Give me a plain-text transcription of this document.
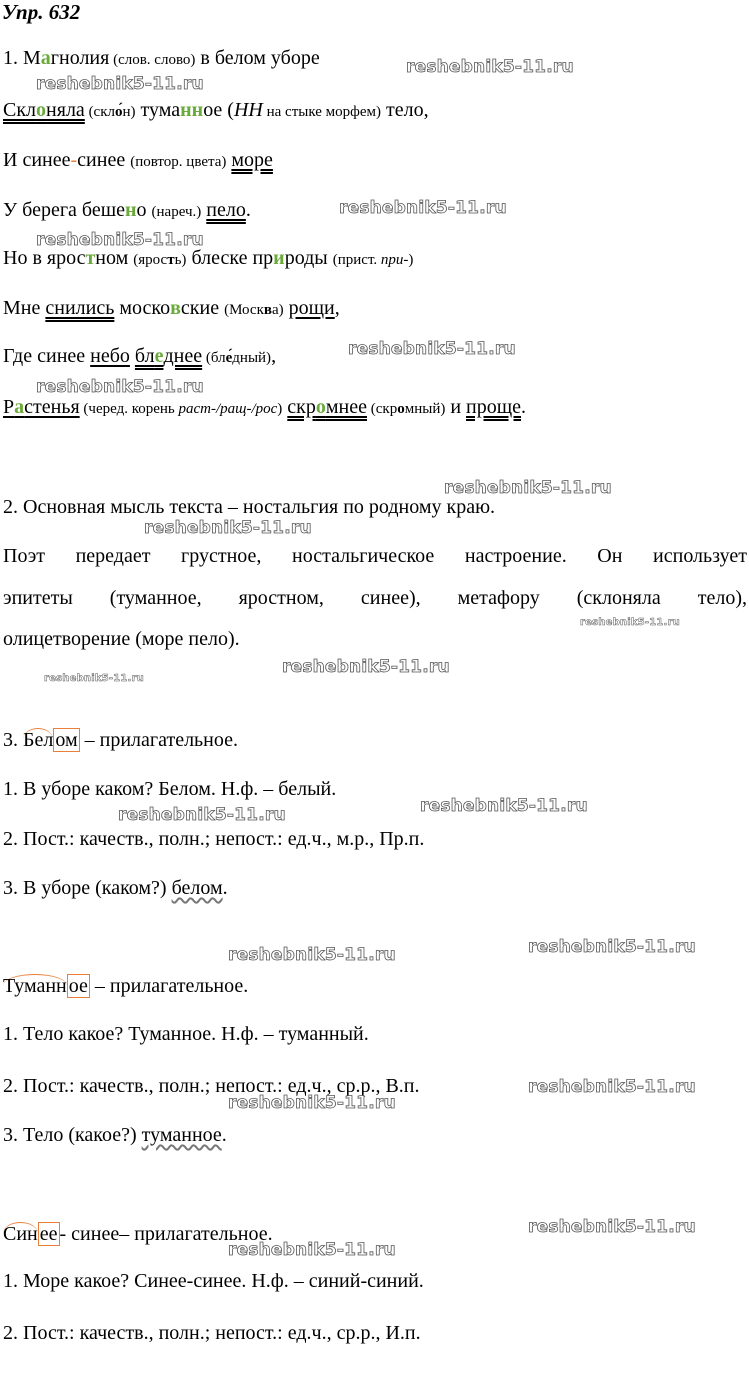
Упр. 632
1. Магнолия (слов. слово) в белом уборе
Склоняла (скло́н) туманное (НН на стыке морфем) тело,
И синее-синее (повтор. цвета) море
У берега бешено (нареч.) пело.
Но в яростном (ярость) блеске природы (прист. при-)
Мне снились московские (Москва) рощи,
Где синее небо бледнее (бле́дный),
Растенья (черед. корень раст-/ращ-/рос) скромнее (скромный) и проще.
2. Основная мысль текста – ностальгия по родному краю.
Поэт передает грустное, ностальгическое настроение. Он использует
эпитеты (туманное, яростном, синее), метафору (склоняла тело),
олицетворение (море пело).
3. Бел ом – прилагательное.
1. В уборе каком? Белом. Н.ф. – белый.
2. Пост.: качеств., полн.; непост.: ед.ч., м.р., Пр.п.
3. В уборе (каком?) белом.
Туманн ое – прилагательное.
1. Тело какое? Туманное. Н.ф. – туманный.
2. Пост.: качеств., полн.; непост.: ед.ч., ср.р., В.п.
3. Тело (какое?) туманное.
Син ее - синее– прилагательное.
1. Море какое? Синее-синее. Н.ф. – синий-синий.
2. Пост.: качеств., полн.; непост.: ед.ч., ср.р., И.п.
reshebnik5-11.ru
reshebnik5-11.ru
reshebnik5-11.ru
reshebnik5-11.ru
reshebnik5-11.ru
reshebnik5-11.ru
reshebnik5-11.ru
reshebnik5-11.ru
reshebnik5-11.ru
reshebnik5-11.ru
reshebnik5-11.ru
reshebnik5-11.ru
reshebnik5-11.ru
reshebnik5-11.ru	reshebnik5-11.ru
reshebnik5-11.ru
reshebnik5-11.ru
reshebnik5-11.ru
reshebnik5-11.ru
